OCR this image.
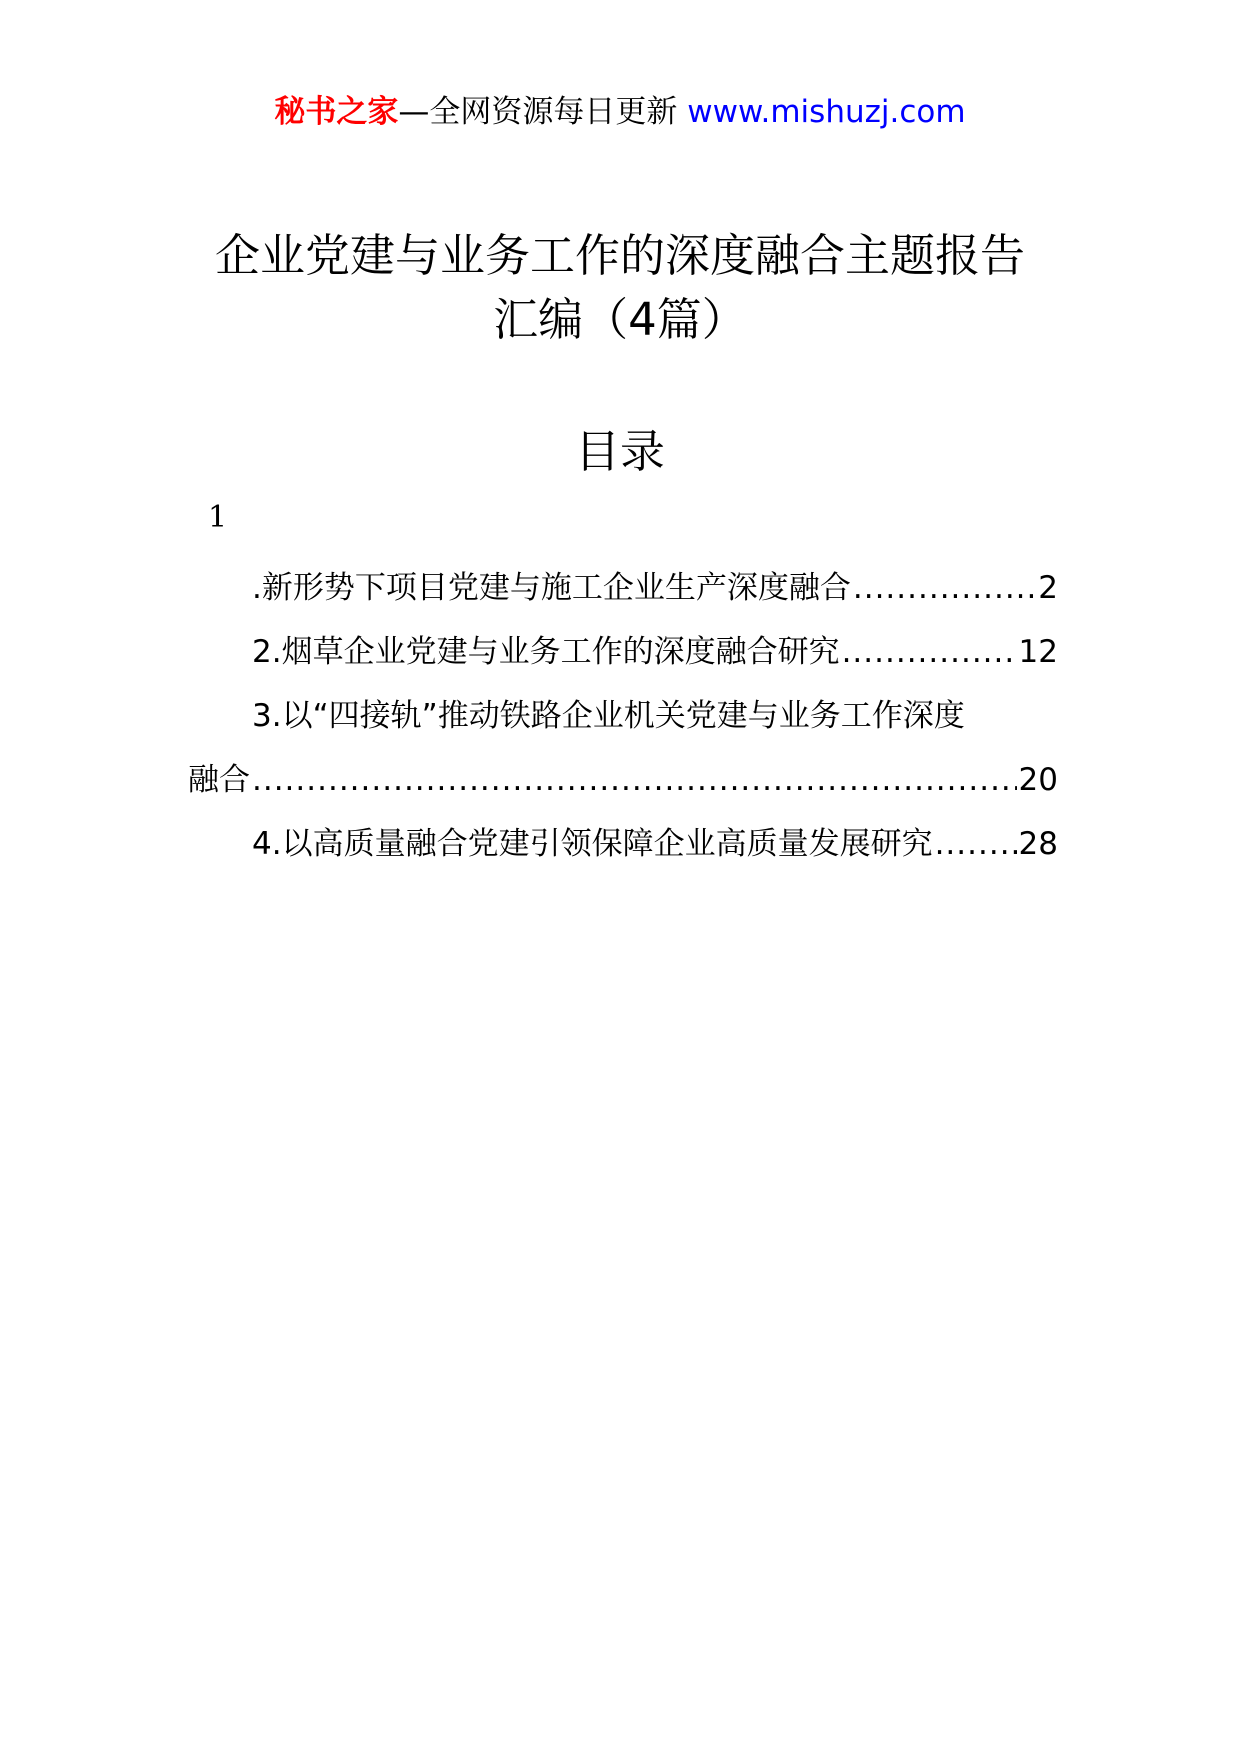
秘书之家—全网资源每日更新 www.mishuzj.com
企业党建与业务工作的深度融合主题报告
汇编（4篇）
目录
1
.新形势下项目党建与施工企业生产深度融合 .....	2
2.烟草企业党建与业务工作的深度融合研究 .....	12
3.以“四接轨”推动铁路企业机关党建与业务工作深度
融合 .....	20
4.以高质量融合党建引领保障企业高质量发展研究 .....	28
